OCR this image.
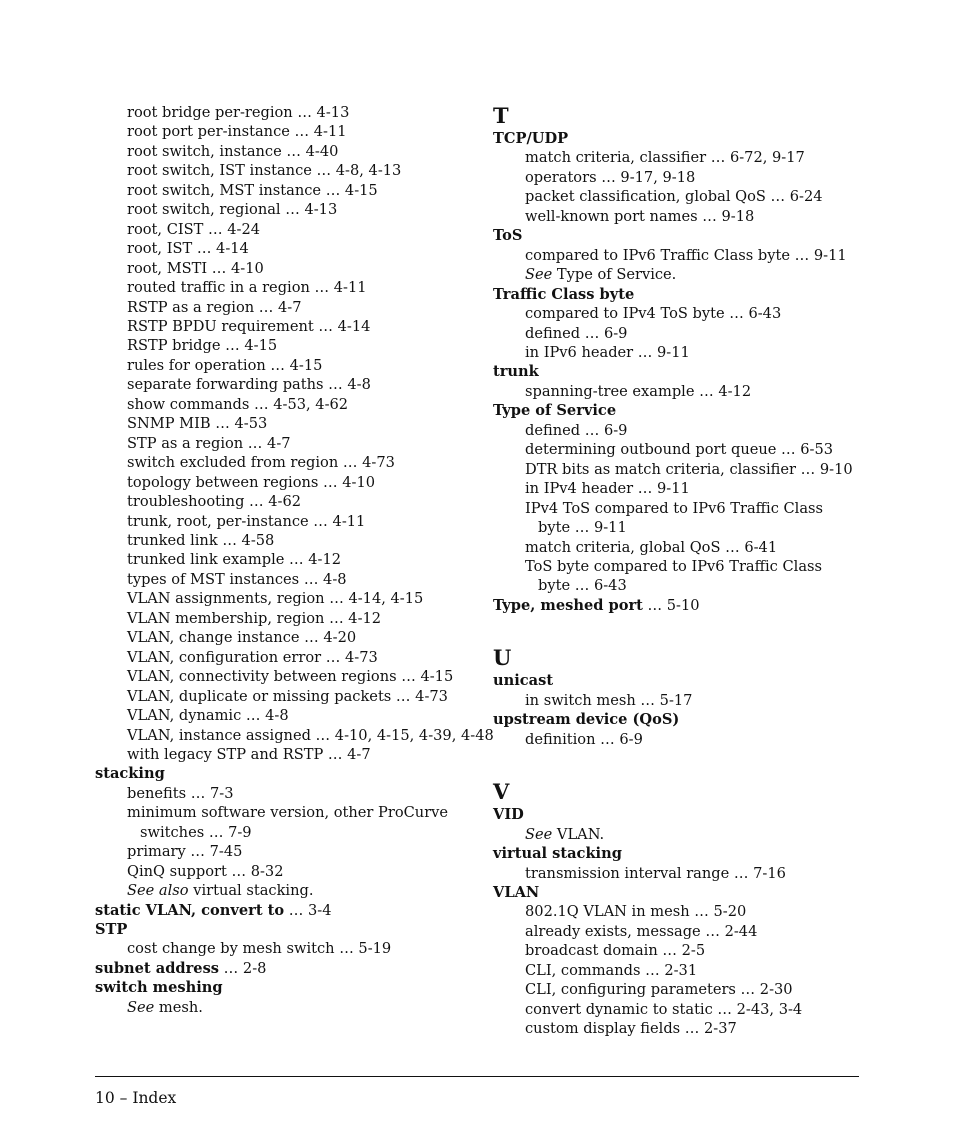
root bridge per-region … 4-13
root port per-instance … 4-11
root switch, instance … 4-40
root switch, IST instance … 4-8, 4-13
root switch, MST instance … 4-15
root switch, regional … 4-13
root, CIST … 4-24
root, IST … 4-14
root, MSTI … 4-10
routed traffic in a region … 4-11
RSTP as a region … 4-7
RSTP BPDU requirement … 4-14
RSTP bridge … 4-15
rules for operation … 4-15
separate forwarding paths … 4-8
show commands … 4-53, 4-62
SNMP MIB … 4-53
STP as a region … 4-7
switch excluded from region … 4-73
topology between regions … 4-10
troubleshooting … 4-62
trunk, root, per-instance … 4-11
trunked link … 4-58
trunked link example … 4-12
types of MST instances … 4-8
VLAN assignments, region … 4-14, 4-15
VLAN membership, region … 4-12
VLAN, change instance … 4-20
VLAN, configuration error … 4-73
VLAN, connectivity between regions … 4-15
VLAN, duplicate or missing packets … 4-73
VLAN, dynamic … 4-8
VLAN, instance assigned … 4-10, 4-15, 4-39, 4-48
with legacy STP and RSTP … 4-7
stacking
benefits … 7-3
minimum software version, other ProCurve
switches … 7-9
primary … 7-45
QinQ support … 8-32
See also virtual stacking.
static VLAN, convert to … 3-4
STP
cost change by mesh switch … 5-19
subnet address … 2-8
switch meshing
See mesh.
T
TCP/UDP
match criteria, classifier … 6-72, 9-17
operators … 9-17, 9-18
packet classification, global QoS … 6-24
well-known port names … 9-18
ToS
compared to IPv6 Traffic Class byte … 9-11
See Type of Service.
Traffic Class byte
compared to IPv4 ToS byte … 6-43
defined … 6-9
in IPv6 header … 9-11
trunk
spanning-tree example … 4-12
Type of Service
defined … 6-9
determining outbound port queue … 6-53
DTR bits as match criteria, classifier … 9-10
in IPv4 header … 9-11
IPv4 ToS compared to IPv6 Traffic Class
byte … 9-11
match criteria, global QoS … 6-41
ToS byte compared to IPv6 Traffic Class
byte … 6-43
Type, meshed port … 5-10
U
unicast
in switch mesh … 5-17
upstream device (QoS)
definition … 6-9
V
VID
See VLAN.
virtual stacking
transmission interval range … 7-16
VLAN
802.1Q VLAN in mesh … 5-20
already exists, message … 2-44
broadcast domain … 2-5
CLI, commands … 2-31
CLI, configuring parameters … 2-30
convert dynamic to static … 2-43, 3-4
custom display fields … 2-37
10 – Index
